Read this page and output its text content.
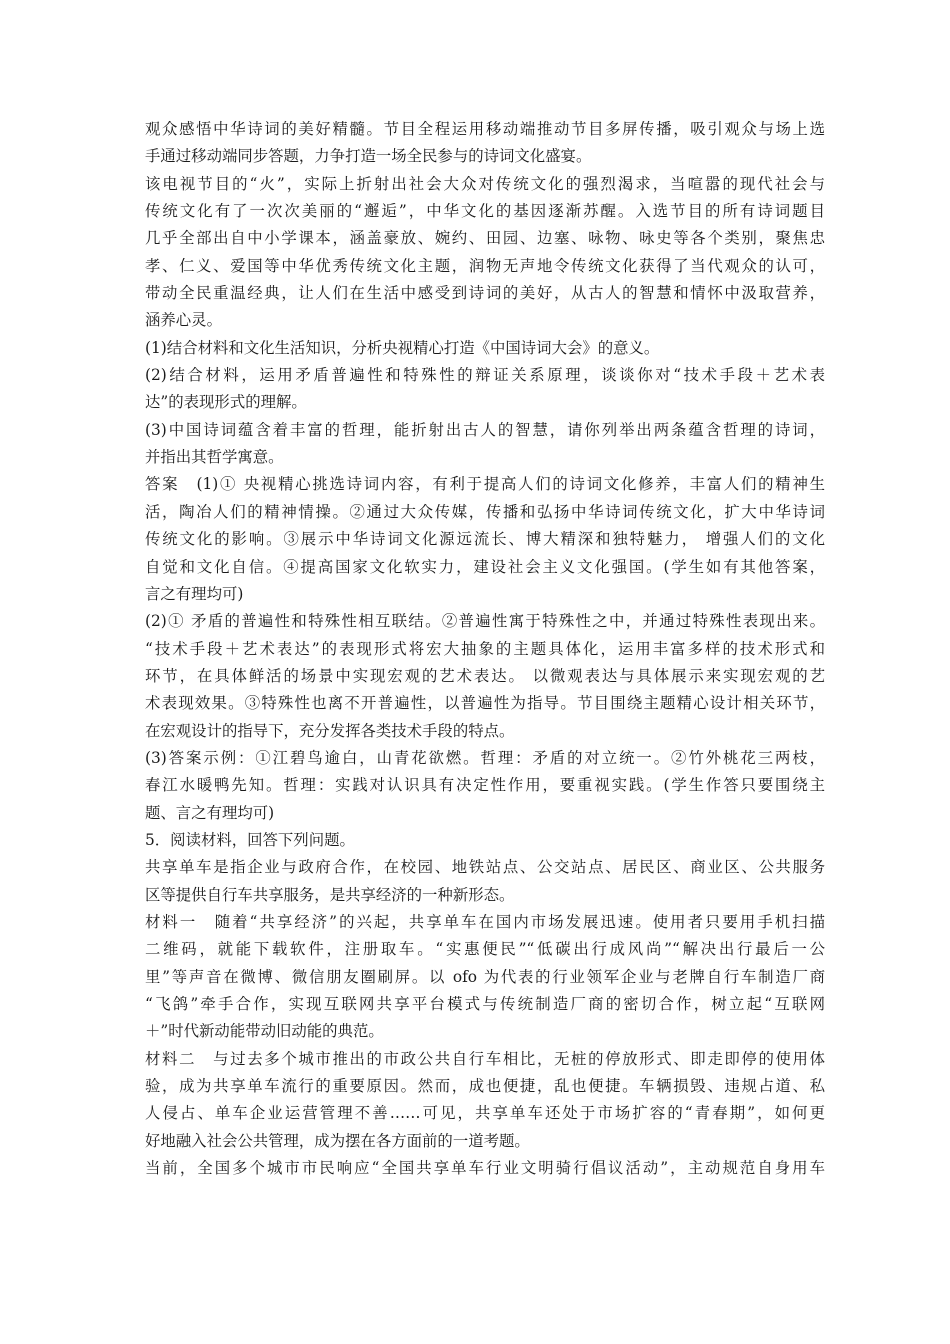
观众感悟中华诗词的美好精髓。节目全程运用移动端推动节目多屏传播，吸引观众与场上选
手通过移动端同步答题，力争打造一场全民参与的诗词文化盛宴。
该电视节目的“火”，实际上折射出社会大众对传统文化的强烈渴求，当喧嚣的现代社会与
传统文化有了一次次美丽的“邂逅”，中华文化的基因逐渐苏醒。入选节目的所有诗词题目
几乎全部出自中小学课本，涵盖豪放、婉约、田园、边塞、咏物、咏史等各个类别，聚焦忠
孝、仁义、爱国等中华优秀传统文化主题，润物无声地令传统文化获得了当代观众的认可，
带动全民重温经典，让人们在生活中感受到诗词的美好，从古人的智慧和情怀中汲取营养，
涵养心灵。
(1)结合材料和文化生活知识，分析央视精心打造《中国诗词大会》的意义。
(2)结合材料，运用矛盾普遍性和特殊性的辩证关系原理，谈谈你对“技术手段＋艺术表
达”的表现形式的理解。
(3)中国诗词蕴含着丰富的哲理，能折射出古人的智慧，请你列举出两条蕴含哲理的诗词，
并指出其哲学寓意。
答案　(1)① 央视精心挑选诗词内容，有利于提高人们的诗词文化修养，丰富人们的精神生
活，陶冶人们的精神情操。②通过大众传媒，传播和弘扬中华诗词传统文化，扩大中华诗词
传统文化的影响。③展示中华诗词文化源远流长、博大精深和独特魅力， 增强人们的文化
自觉和文化自信。④提高国家文化软实力，建设社会主义文化强国。(学生如有其他答案，
言之有理均可)
(2)① 矛盾的普遍性和特殊性相互联结。②普遍性寓于特殊性之中，并通过特殊性表现出来。
“技术手段＋艺术表达”的表现形式将宏大抽象的主题具体化，运用丰富多样的技术形式和
环节，在具体鲜活的场景中实现宏观的艺术表达。 以微观表达与具体展示来实现宏观的艺
术表现效果。③特殊性也离不开普遍性，以普遍性为指导。节目围绕主题精心设计相关环节，
在宏观设计的指导下，充分发挥各类技术手段的特点。
(3)答案示例：①江碧鸟逾白，山青花欲燃。哲理：矛盾的对立统一。②竹外桃花三两枝，
春江水暖鸭先知。哲理：实践对认识具有决定性作用，要重视实践。(学生作答只要围绕主
题、言之有理均可)
5．阅读材料，回答下列问题。
共享单车是指企业与政府合作，在校园、地铁站点、公交站点、居民区、商业区、公共服务
区等提供自行车共享服务，是共享经济的一种新形态。
材料一　随着“共享经济”的兴起，共享单车在国内市场发展迅速。使用者只要用手机扫描
二维码，就能下载软件，注册取车。“实惠便民”“低碳出行成风尚”“解决出行最后一公
里”等声音在微博、微信朋友圈刷屏。以 ofo 为代表的行业领军企业与老牌自行车制造厂商
“飞鸽”牵手合作，实现互联网共享平台模式与传统制造厂商的密切合作，树立起“互联网
＋”时代新动能带动旧动能的典范。
材料二　与过去多个城市推出的市政公共自行车相比，无桩的停放形式、即走即停的使用体
验，成为共享单车流行的重要原因。然而，成也便捷，乱也便捷。车辆损毁、违规占道、私
人侵占、单车企业运营管理不善……可见，共享单车还处于市场扩容的“青春期”，如何更
好地融入社会公共管理，成为摆在各方面前的一道考题。
当前，全国多个城市市民响应“全国共享单车行业文明骑行倡议活动”，主动规范自身用车
